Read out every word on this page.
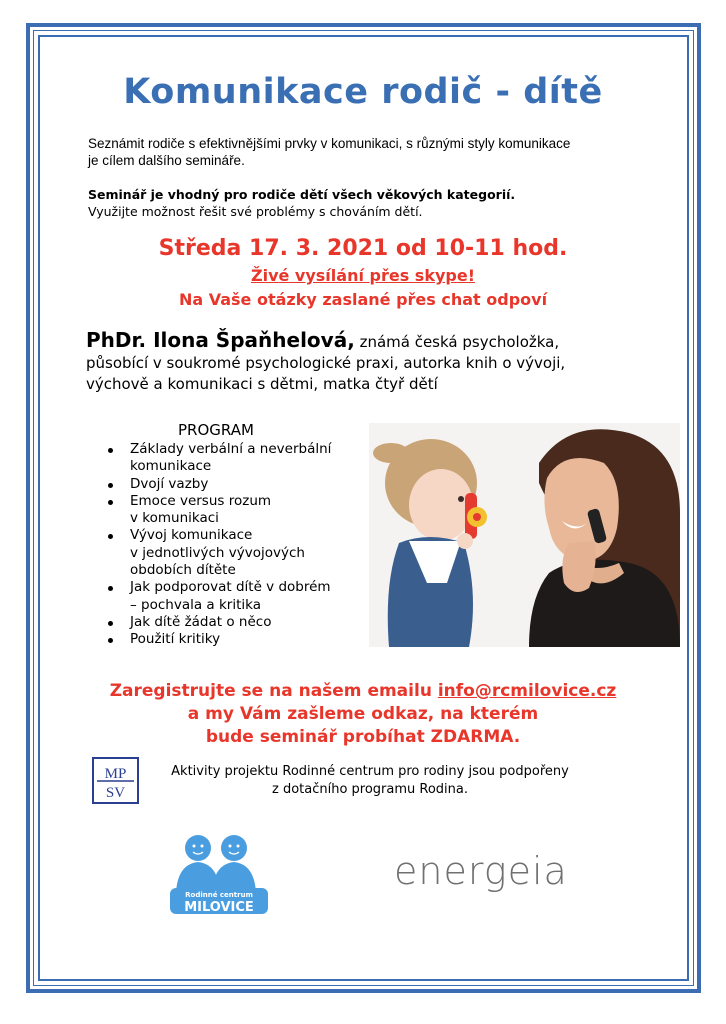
Komunikace rodič - dítě
Seznámit rodiče s efektivnějšími prvky v komunikaci, s různými styly komunikace
je cílem dalšího semináře.
Seminář je vhodný pro rodiče dětí všech věkových kategorií.
Využijte možnost řešit své problémy s chováním dětí.
Středa 17. 3. 2021 od 10-11 hod.
Živé vysílání přes skype!
Na Vaše otázky zaslané přes chat odpoví
PhDr. Ilona Špaňhelová, známá česká psycholožka,
působící v soukromé psychologické praxi, autorka knih o vývoji,
výchově a komunikaci s dětmi, matka čtyř dětí
PROGRAM
Základy verbální a neverbální
komunikace
Dvojí vazby
Emoce versus rozum
v komunikaci
Vývoj komunikace
v jednotlivých vývojových
obdobích dítěte
Jak podporovat dítě v dobrém
– pochvala a kritika
Jak dítě žádat o něco
Použití kritiky
Zaregistrujte se na našem emailu info@rcmilovice.cz
a my Vám zašleme odkaz, na kterém
bude seminář probíhat ZDARMA.
MP
SV
Aktivity projektu Rodinné centrum pro rodiny jsou podpořeny
z dotačního programu Rodina.
Rodinné centrum
MILOVICE
energeia
